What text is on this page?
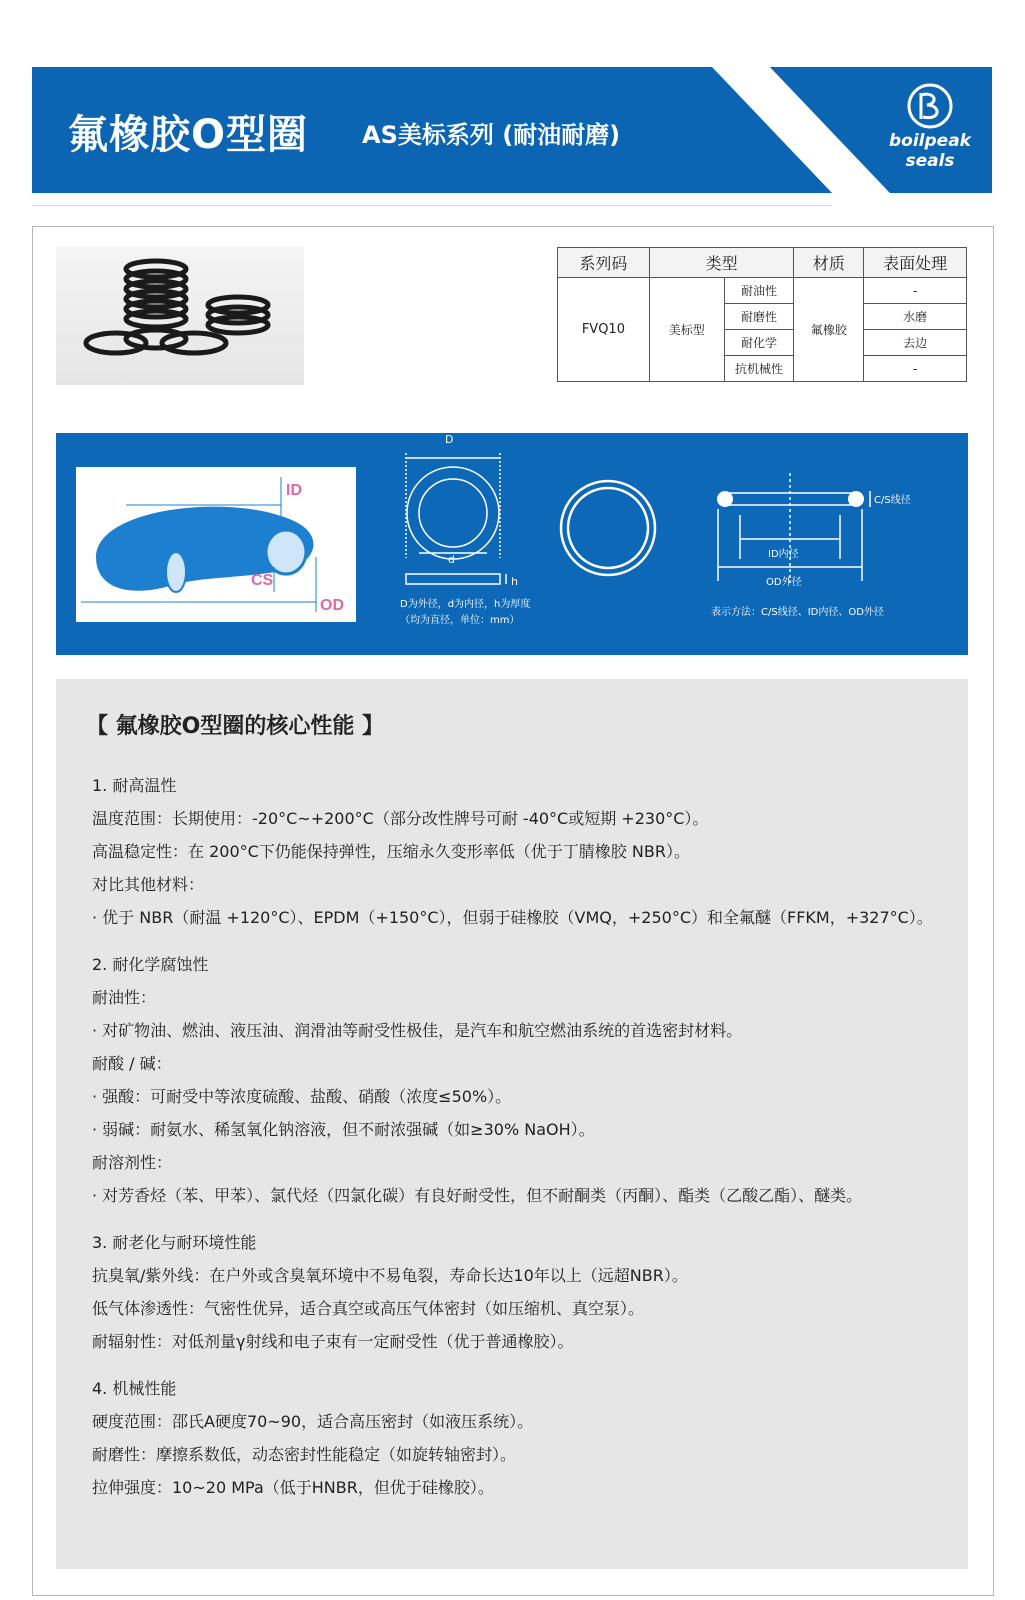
氟橡胶O型圈 AS美标系列 (耐油耐磨)	boilpeak
seals
系列码	类型		材质	表面处理
FVQ10	美标型	耐油性	氟橡胶	-
		耐磨性		水磨
		耐化学		去边
		抗机械性		-
ID
CS
OD
D
d
h
D为外径，d为内径，h为厚度
（均为直径，单位：mm）
C/S线径
ID内径
OD外径
表示方法：C/S线径、ID内径、OD外径
【 氟橡胶O型圈的核心性能 】
1. 耐高温性
温度范围：长期使用：-20°C~+200°C（部分改性牌号可耐 -40°C或短期 +230°C）。
高温稳定性：在 200°C下仍能保持弹性，压缩永久变形率低（优于丁腈橡胶 NBR）。
对比其他材料：
· 优于 NBR（耐温 +120°C）、EPDM（+150°C），但弱于硅橡胶（VMQ，+250°C）和全氟醚（FFKM，+327°C）。
2. 耐化学腐蚀性
耐油性：
· 对矿物油、燃油、液压油、润滑油等耐受性极佳，是汽车和航空燃油系统的首选密封材料。
耐酸 / 碱：
· 强酸：可耐受中等浓度硫酸、盐酸、硝酸（浓度≤50%）。
· 弱碱：耐氨水、稀氢氧化钠溶液，但不耐浓强碱（如≥30% NaOH）。
耐溶剂性：
· 对芳香烃（苯、甲苯）、氯代烃（四氯化碳）有良好耐受性，但不耐酮类（丙酮）、酯类（乙酸乙酯）、醚类。
3. 耐老化与耐环境性能
抗臭氧/紫外线：在户外或含臭氧环境中不易龟裂，寿命长达10年以上（远超NBR）。
低气体渗透性：气密性优异，适合真空或高压气体密封（如压缩机、真空泵）。
耐辐射性：对低剂量γ射线和电子束有一定耐受性（优于普通橡胶）。
4. 机械性能
硬度范围：邵氏A硬度70~90，适合高压密封（如液压系统）。
耐磨性：摩擦系数低，动态密封性能稳定（如旋转轴密封）。
拉伸强度：10~20 MPa（低于HNBR，但优于硅橡胶）。
